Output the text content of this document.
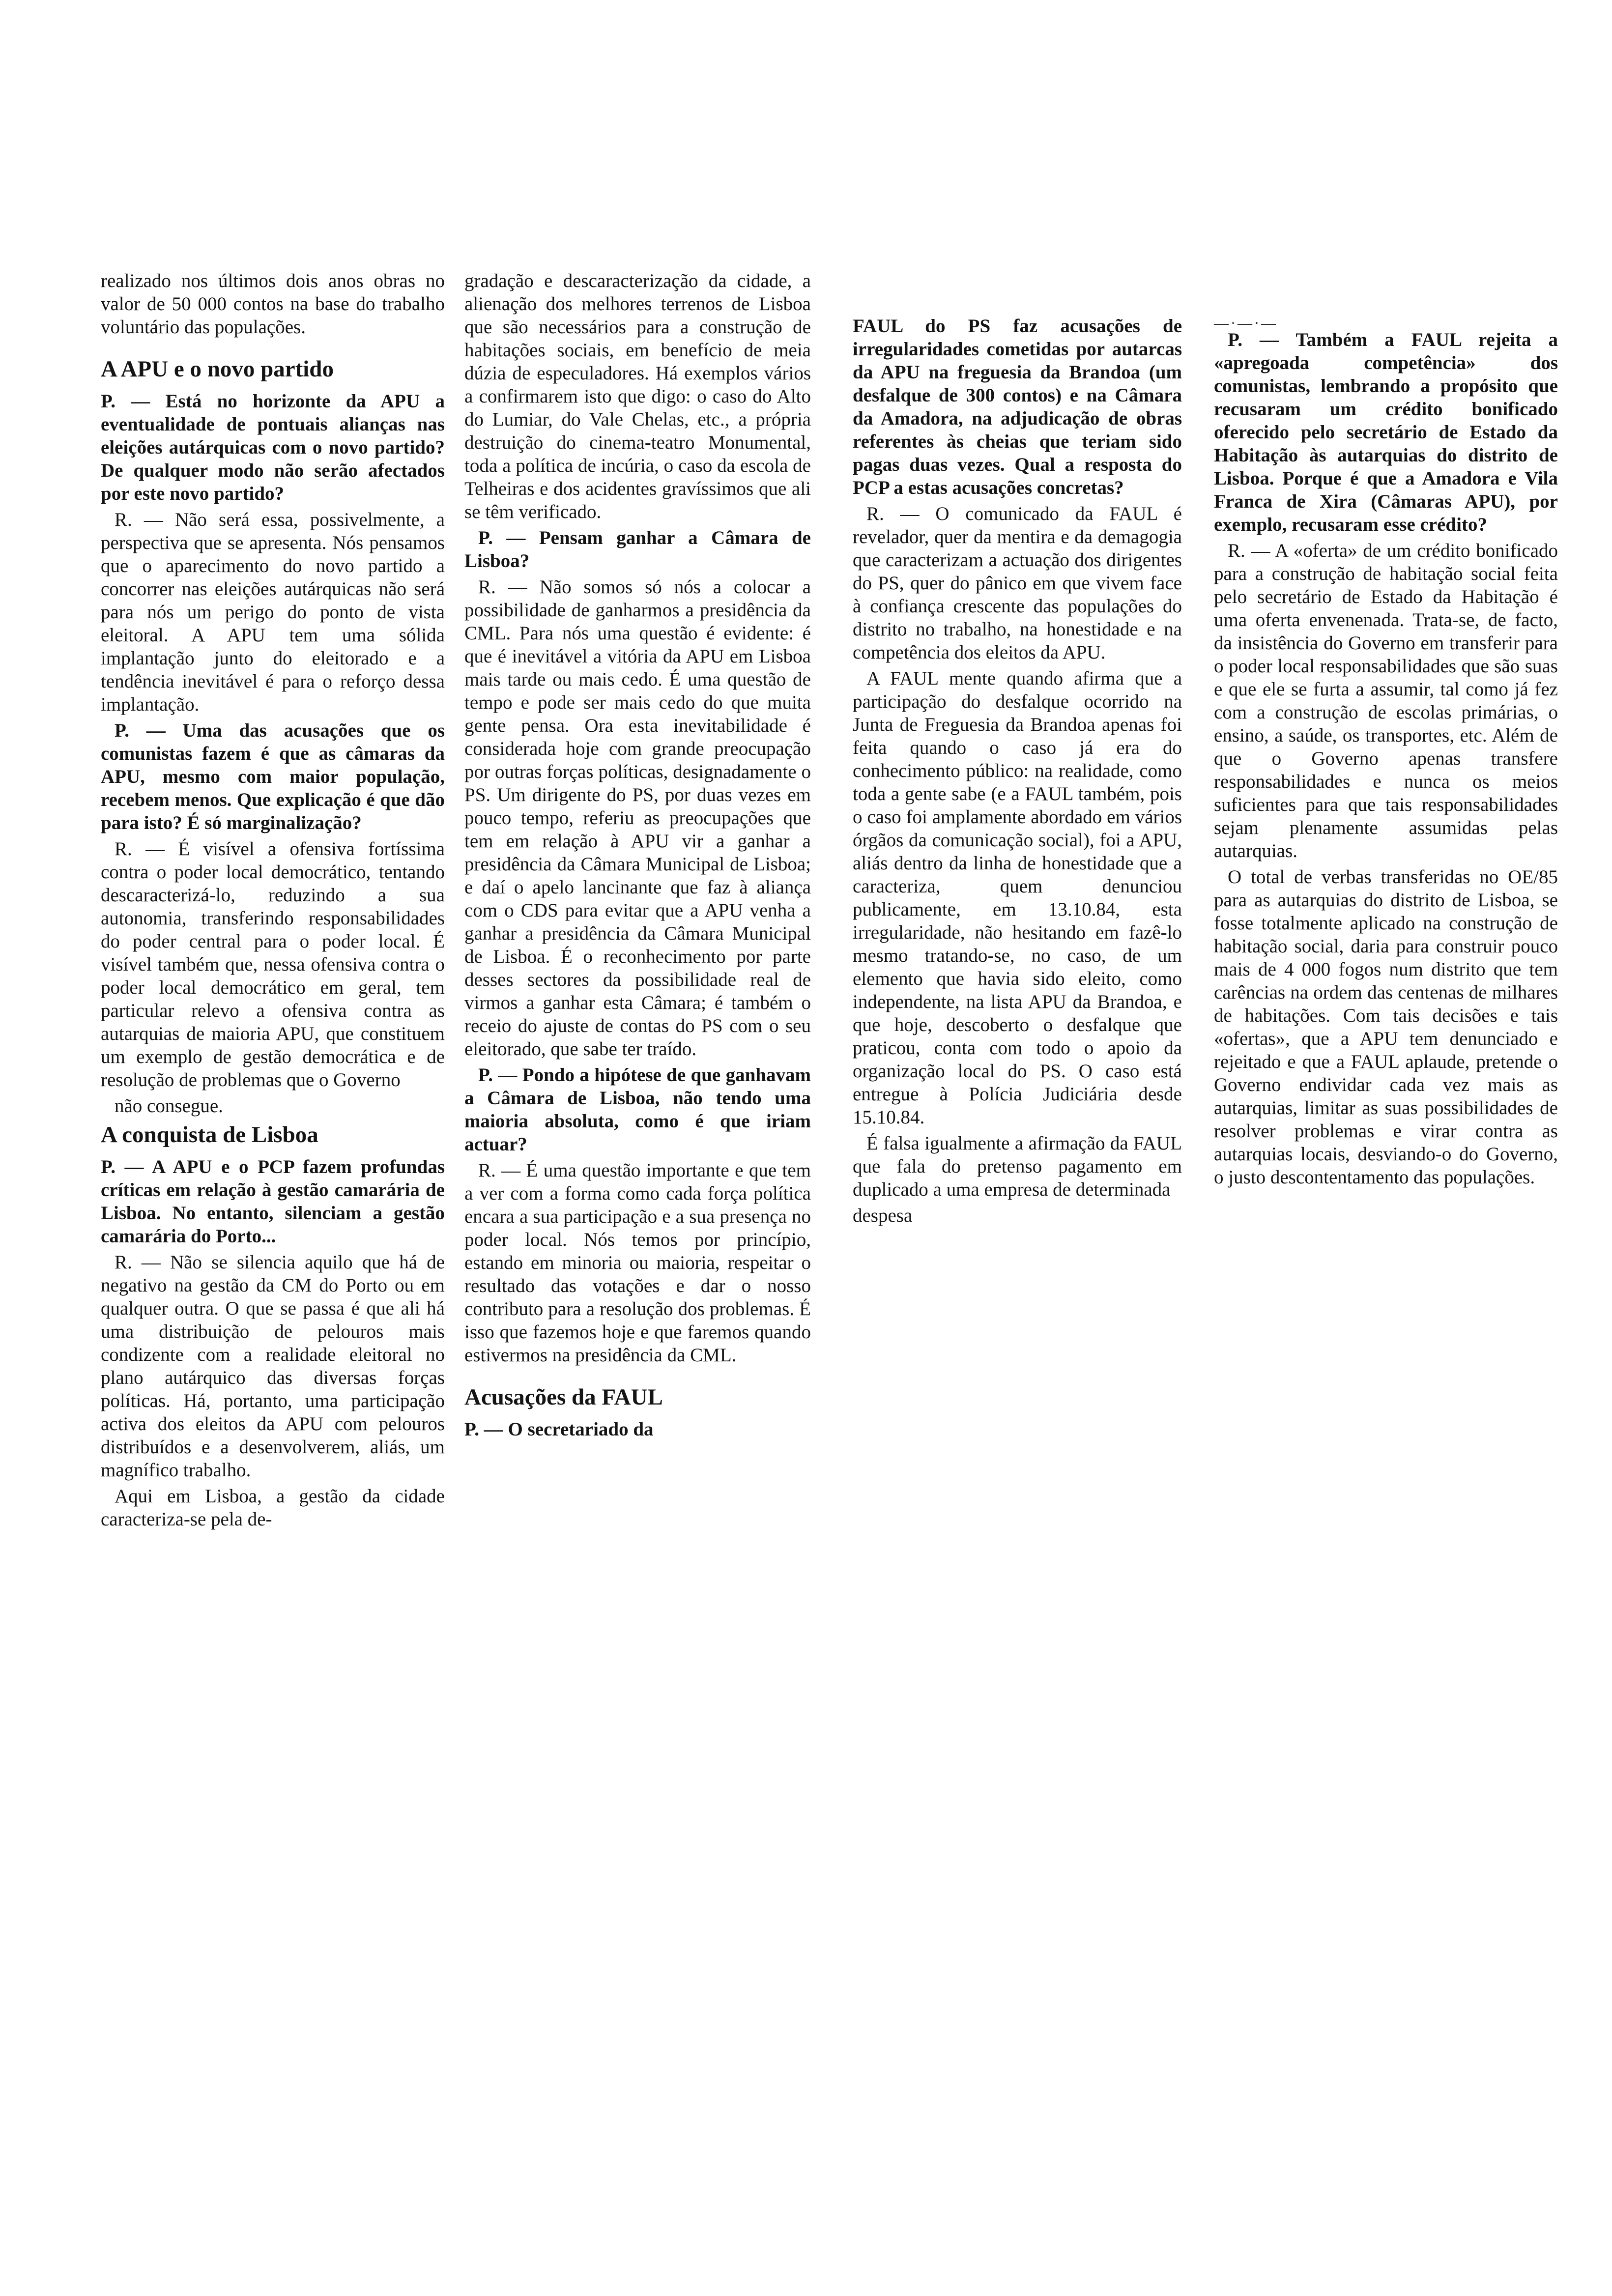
realizado nos últimos dois anos obras no valor de 50 000 contos na base do trabalho voluntário das populações.

A APU e o novo partido

P. — Está no horizonte da APU a eventualidade de pontuais alianças nas eleições autárquicas com o novo partido? De qualquer modo não serão afectados por este novo partido?

R. — Não será essa, possivelmente, a perspectiva que se apresenta. Nós pensamos que o aparecimento do novo partido a concorrer nas eleições autárquicas não será para nós um perigo do ponto de vista eleitoral. A APU tem uma sólida implantação junto do eleitorado e a tendência inevitável é para o reforço dessa implantação.

P. — Uma das acusações que os comunistas fazem é que as câmaras da APU, mesmo com maior população, recebem menos. Que explicação é que dão para isto? É só marginalização?

R. — É visível a ofensiva fortíssima contra o poder local democrático, tentando descaracterizá-lo, reduzindo a sua autonomia, transferindo responsabilidades do poder central para o poder local. É visível também que, nessa ofensiva contra o poder local democrático em geral, tem particular relevo a ofensiva contra as autarquias de maioria APU, que constituem um exemplo de gestão democrática e de resolução de problemas que o Governo

não consegue.

A conquista de Lisboa

P. — A APU e o PCP fazem profundas críticas em relação à gestão camarária de Lisboa. No entanto, silenciam a gestão camarária do Porto...

R. — Não se silencia aquilo que há de negativo na gestão da CM do Porto ou em qualquer outra. O que se passa é que ali há uma distribuição de pelouros mais condizente com a realidade eleitoral no plano autárquico das diversas forças políticas. Há, portanto, uma participação activa dos eleitos da APU com pelouros distribuídos e a desenvolverem, aliás, um magnífico trabalho.

Aqui em Lisboa, a gestão da cidade caracteriza-se pela de-

gradação e descaracterização da cidade, a alienação dos melhores terrenos de Lisboa que são necessários para a construção de habitações sociais, em benefício de meia dúzia de especuladores. Há exemplos vários a confirmarem isto que digo: o caso do Alto do Lumiar, do Vale Chelas, etc., a própria destruição do cinema-teatro Monumental, toda a política de incúria, o caso da escola de Telheiras e dos acidentes gravíssimos que ali se têm verificado.

P. — Pensam ganhar a Câmara de Lisboa?

R. — Não somos só nós a colocar a possibilidade de ganharmos a presidência da CML. Para nós uma questão é evidente: é que é inevitável a vitória da APU em Lisboa mais tarde ou mais cedo. É uma questão de tempo e pode ser mais cedo do que muita gente pensa. Ora esta inevitabilidade é considerada hoje com grande preocupação por outras forças políticas, designadamente o PS. Um dirigente do PS, por duas vezes em pouco tempo, referiu as preocupações que tem em relação à APU vir a ganhar a presidência da Câmara Municipal de Lisboa; e daí o apelo lancinante que faz à aliança com o CDS para evitar que a APU venha a ganhar a presidência da Câmara Municipal de Lisboa. É o reconhecimento por parte desses sectores da possibilidade real de virmos a ganhar esta Câmara; é também o receio do ajuste de contas do PS com o seu eleitorado, que sabe ter traído.

P. — Pondo a hipótese de que ganhavam a Câmara de Lisboa, não tendo uma maioria absoluta, como é que iriam actuar?

R. — É uma questão importante e que tem a ver com a forma como cada força política encara a sua participação e a sua presença no poder local. Nós temos por princípio, estando em minoria ou maioria, respeitar o resultado das votações e dar o nosso contributo para a resolução dos problemas. É isso que fazemos hoje e que faremos quando estivermos na presidência da CML.

Acusações da FAUL

P. — O secretariado da

FAUL do PS faz acusações de irregularidades cometidas por autarcas da APU na freguesia da Brandoa (um desfalque de 300 contos) e na Câmara da Amadora, na adjudicação de obras referentes às cheias que teriam sido pagas duas vezes. Qual a resposta do PCP a estas acusações concretas?

R. — O comunicado da FAUL é revelador, quer da mentira e da demagogia que caracterizam a actuação dos dirigentes do PS, quer do pânico em que vivem face à confiança crescente das populações do distrito no trabalho, na honestidade e na competência dos eleitos da APU.

A FAUL mente quando afirma que a participação do desfalque ocorrido na Junta de Freguesia da Brandoa apenas foi feita quando o caso já era do conhecimento público: na realidade, como toda a gente sabe (e a FAUL também, pois o caso foi amplamente abordado em vários órgãos da comunicação social), foi a APU, aliás dentro da linha de honestidade que a caracteriza, quem denunciou publicamente, em 13.10.84, esta irregularidade, não hesitando em fazê-lo mesmo tratando-se, no caso, de um elemento que havia sido eleito, como independente, na lista APU da Brandoa, e que hoje, descoberto o desfalque que praticou, conta com todo o apoio da organização local do PS. O caso está entregue à Polícia Judiciária desde 15.10.84.

É falsa igualmente a afirmação da FAUL que fala do pretenso pagamento em duplicado a uma empresa de determinada

despesa

—·—·—

P. — Também a FAUL rejeita a «apregoada competência» dos comunistas, lembrando a propósito que recusaram um crédito bonificado oferecido pelo secretário de Estado da Habitação às autarquias do distrito de Lisboa. Porque é que a Amadora e Vila Franca de Xira (Câmaras APU), por exemplo, recusaram esse crédito?

R. — A «oferta» de um crédito bonificado para a construção de habitação social feita pelo secretário de Estado da Habitação é uma oferta envenenada. Trata-se, de facto, da insistência do Governo em transferir para o poder local responsabilidades que são suas e que ele se furta a assumir, tal como já fez com a construção de escolas primárias, o ensino, a saúde, os transportes, etc. Além de que o Governo apenas transfere responsabilidades e nunca os meios suficientes para que tais responsabilidades sejam plenamente assumidas pelas autarquias.

O total de verbas transferidas no OE/85 para as autarquias do distrito de Lisboa, se fosse totalmente aplicado na construção de habitação social, daria para construir pouco mais de 4 000 fogos num distrito que tem carências na ordem das centenas de milhares de habitações. Com tais decisões e tais «ofertas», que a APU tem denunciado e rejeitado e que a FAUL aplaude, pretende o Governo endividar cada vez mais as autarquias, limitar as suas possibilidades de resolver problemas e virar contra as autarquias locais, desviando-o do Governo, o justo descontentamento das populações.
